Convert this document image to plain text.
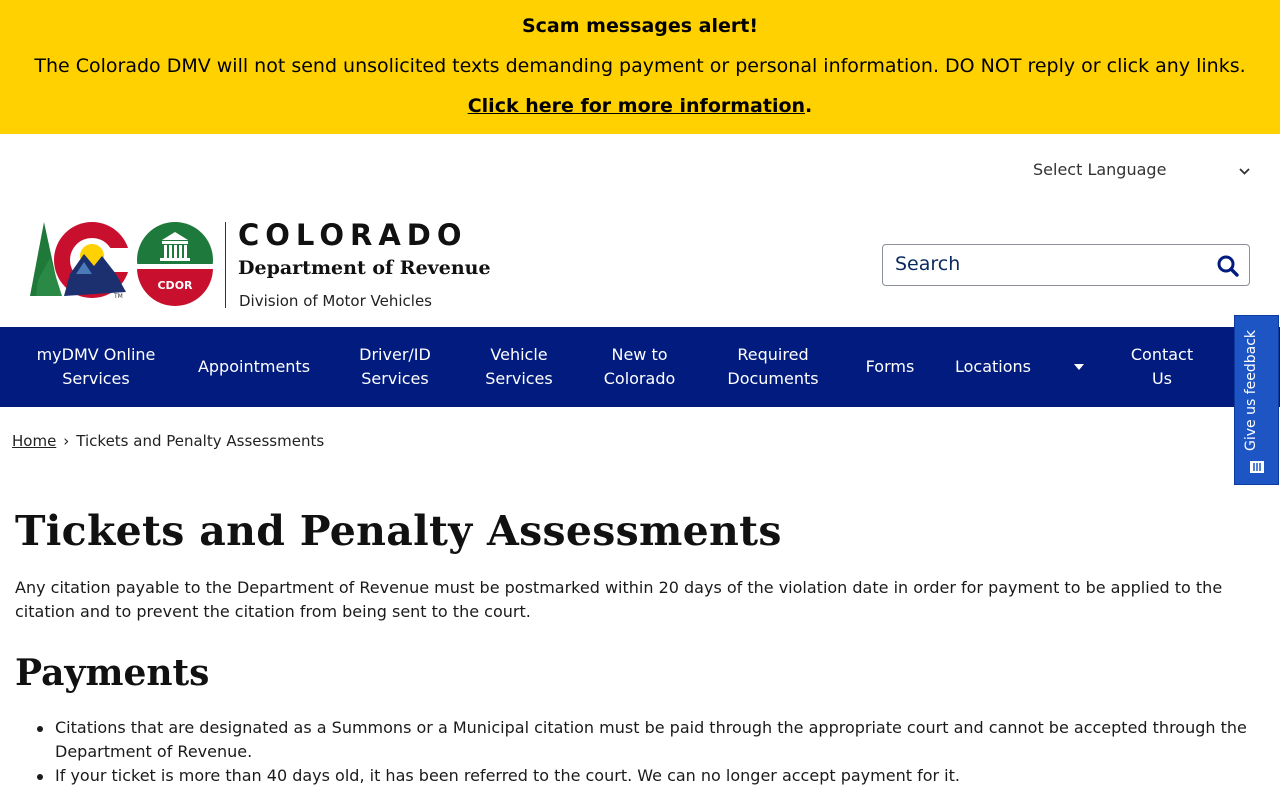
Scam messages alert!
The Colorado DMV will not send unsolicited texts demanding payment or personal information. DO NOT reply or click any links.
Click here for more information.
Select Language
TM
CDOR
COLORADO
Department of Revenue
Division of Motor Vehicles
Search
myDMV Online Services
Appointments
Driver/ID Services
Vehicle Services
New to Colorado
Required Documents
Forms	Locations
Contact Us	Give us feedback
Home › Tickets and Penalty Assessments
Tickets and Penalty Assessments

Any citation payable to the Department of Revenue must be postmarked within 20 days of the violation date in order for payment to be applied to the citation and to prevent the citation from being sent to the court.

Payments
Citations that are designated as a Summons or a Municipal citation must be paid through the appropriate court and cannot be accepted through the Department of Revenue.
If your ticket is more than 40 days old, it has been referred to the court. We can no longer accept payment for it.
